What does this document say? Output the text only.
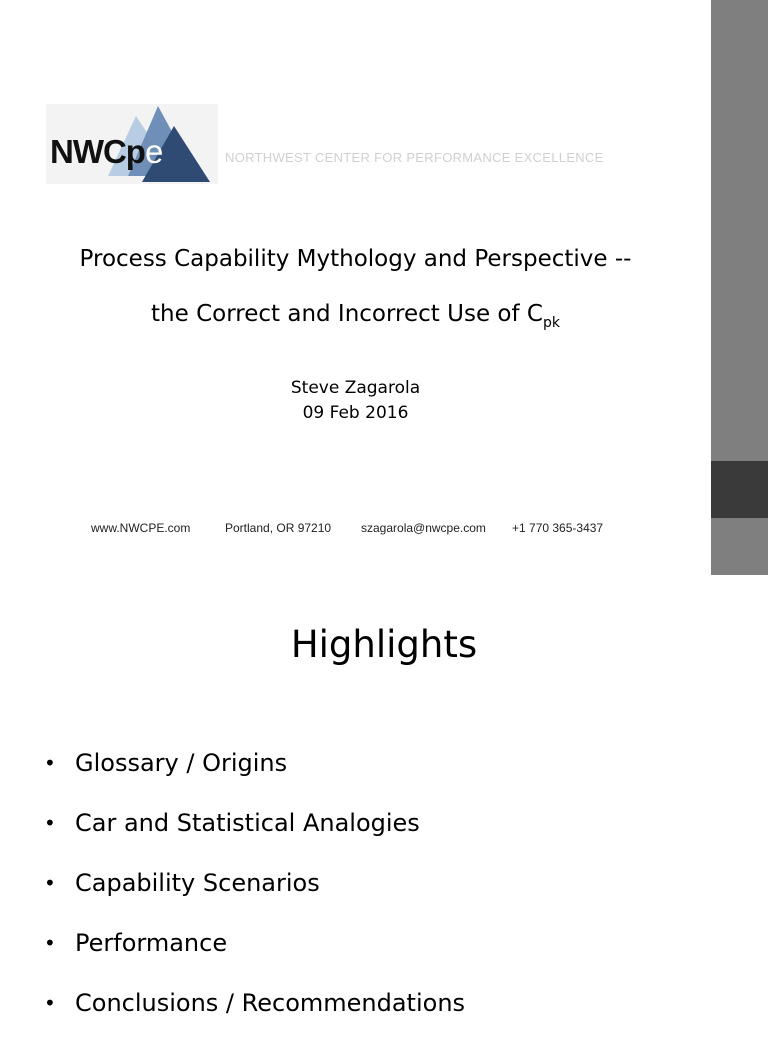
NWCpe	NORTHWEST CENTER FOR PERFORMANCE EXCELLENCE
Process Capability Mythology and Perspective --
the Correct and Incorrect Use of $C_{pk}$
Steve Zagarola
09 Feb 2016
www.NWCPE.com	Portland, OR 97210 szagarola@nwcpe.com +1 770 365-3437
Highlights
• Glossary / Origins
• Car and Statistical Analogies
• Capability Scenarios
• Performance
• Conclusions / Recommendations
